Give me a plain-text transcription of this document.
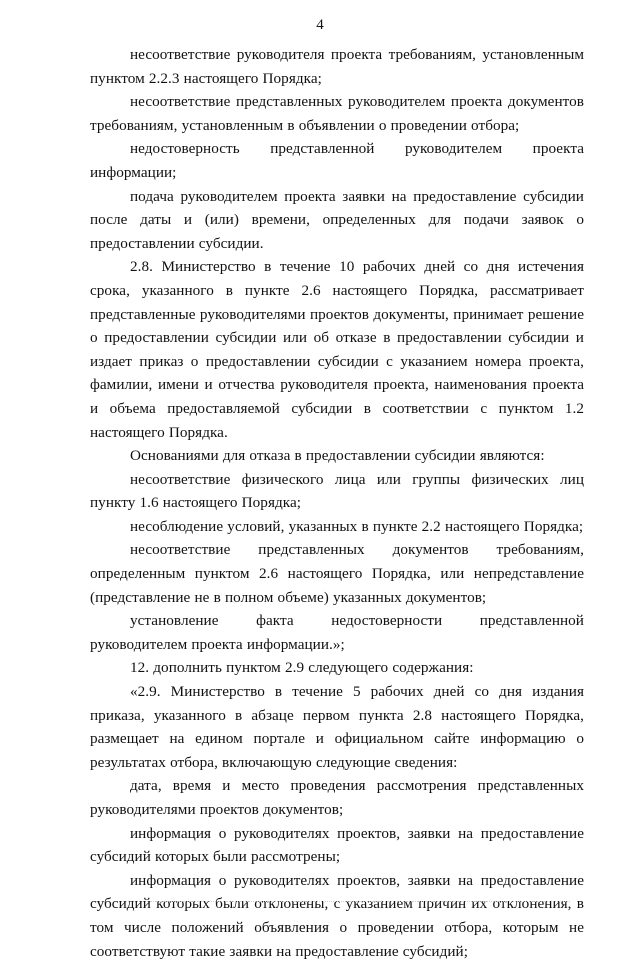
4

несоответствие руководителя проекта требованиям, установленным пунктом 2.2.3 настоящего Порядка;

несоответствие представленных руководителем проекта документов требованиям, установленным в объявлении о проведении отбора;

недостоверность представленной руководителем проекта информации;

подача руководителем проекта заявки на предоставление субсидии после даты и (или) времени, определенных для подачи заявок о предоставлении субсидии.

2.8. Министерство в течение 10 рабочих дней со дня истечения срока, указанного в пункте 2.6 настоящего Порядка, рассматривает представленные руководителями проектов документы, принимает решение о предоставлении субсидии или об отказе в предоставлении субсидии и издает приказ о предоставлении субсидии с указанием номера проекта, фамилии, имени и отчества руководителя проекта, наименования проекта и объема предоставляемой субсидии в соответствии с пунктом 1.2 настоящего Порядка.

Основаниями для отказа в предоставлении субсидии являются:

несоответствие физического лица или группы физических лиц пункту 1.6 настоящего Порядка;

несоблюдение условий, указанных в пункте 2.2 настоящего Порядка;

несоответствие представленных документов требованиям, определенным пунктом 2.6 настоящего Порядка, или непредставление (представление не в полном объеме) указанных документов;

установление факта недостоверности представленной руководителем проекта информации.»;

12. дополнить пунктом 2.9 следующего содержания:

«2.9. Министерство в течение 5 рабочих дней со дня издания приказа, указанного в абзаце первом пункта 2.8 настоящего Порядка, размещает на едином портале и официальном сайте информацию о результатах отбора, включающую следующие сведения:

дата, время и место проведения рассмотрения представленных руководителями проектов документов;

информация о руководителях проектов, заявки на предоставление субсидий которых были рассмотрены;

информация о руководителях проектов, заявки на предоставление субсидий которых были отклонены, с указанием причин их отклонения, в том числе положений объявления о проведении отбора, которым не соответствуют такие заявки на предоставление субсидий;
